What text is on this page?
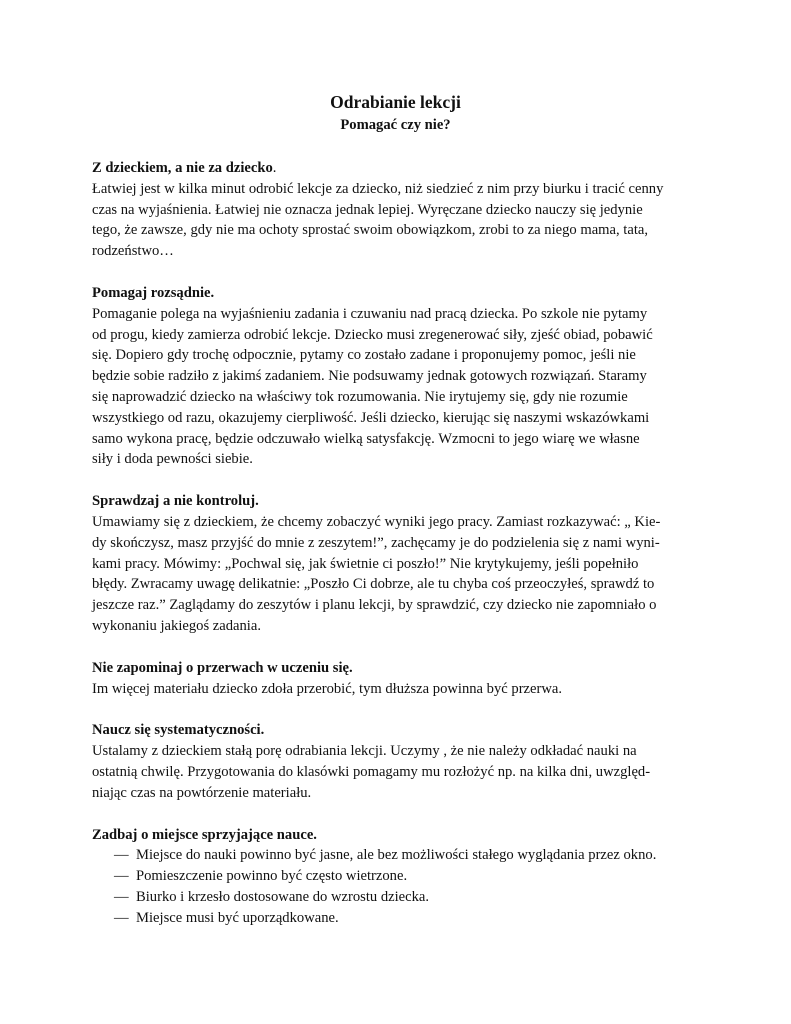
Odrabianie lekcji
Pomagać czy nie?
Z dzieckiem, a nie za dziecko.

Łatwiej jest w kilka minut odrobić lekcje za dziecko, niż siedzieć z nim przy biurku i tracić cenny

czas na wyjaśnienia. Łatwiej nie oznacza jednak lepiej. Wyręczane dziecko nauczy się jedynie

tego, że zawsze, gdy nie ma ochoty sprostać swoim obowiązkom, zrobi to za niego mama, tata,

rodzeństwo…

Pomagaj rozsądnie.

Pomaganie polega na wyjaśnieniu zadania i czuwaniu nad pracą dziecka. Po szkole nie pytamy

od progu, kiedy zamierza odrobić lekcje. Dziecko musi zregenerować siły, zjeść obiad, pobawić

się. Dopiero gdy trochę odpocznie, pytamy co zostało zadane i proponujemy pomoc, jeśli nie

będzie sobie radziło z jakimś zadaniem. Nie podsuwamy jednak gotowych rozwiązań. Staramy

się naprowadzić dziecko na właściwy tok rozumowania. Nie irytujemy się, gdy nie rozumie

wszystkiego od razu, okazujemy cierpliwość. Jeśli dziecko, kierując się naszymi wskazówkami

samo wykona pracę, będzie odczuwało wielką satysfakcję. Wzmocni to jego wiarę we własne

siły i doda pewności siebie.

Sprawdzaj a nie kontroluj.

Umawiamy się z dzieckiem, że chcemy zobaczyć wyniki jego pracy. Zamiast rozkazywać: „ Kie-

dy skończysz, masz przyjść do mnie z zeszytem!”, zachęcamy je do podzielenia się z nami wyni-

kami pracy. Mówimy: „Pochwal się, jak świetnie ci poszło!” Nie krytykujemy, jeśli popełniło

błędy. Zwracamy uwagę delikatnie: „Poszło Ci dobrze, ale tu chyba coś przeoczyłeś, sprawdź to

jeszcze raz.” Zaglądamy do zeszytów i planu lekcji, by sprawdzić, czy dziecko nie zapomniało o

wykonaniu jakiegoś zadania.

Nie zapominaj o przerwach w uczeniu się.

Im więcej materiału dziecko zdoła przerobić, tym dłuższa powinna być przerwa.

Naucz się systematyczności.

Ustalamy z dzieckiem stałą porę odrabiania lekcji. Uczymy , że nie należy odkładać nauki na

ostatnią chwilę. Przygotowania do klasówki pomagamy mu rozłożyć np. na kilka dni, uwzględ-

niając czas na powtórzenie materiału.

Zadbaj o miejsce sprzyjające nauce.
— Miejsce do nauki powinno być jasne, ale bez możliwości stałego wyglądania przez okno.
— Pomieszczenie powinno być często wietrzone.
— Biurko i krzesło dostosowane do wzrostu dziecka.
— Miejsce musi być uporządkowane.
